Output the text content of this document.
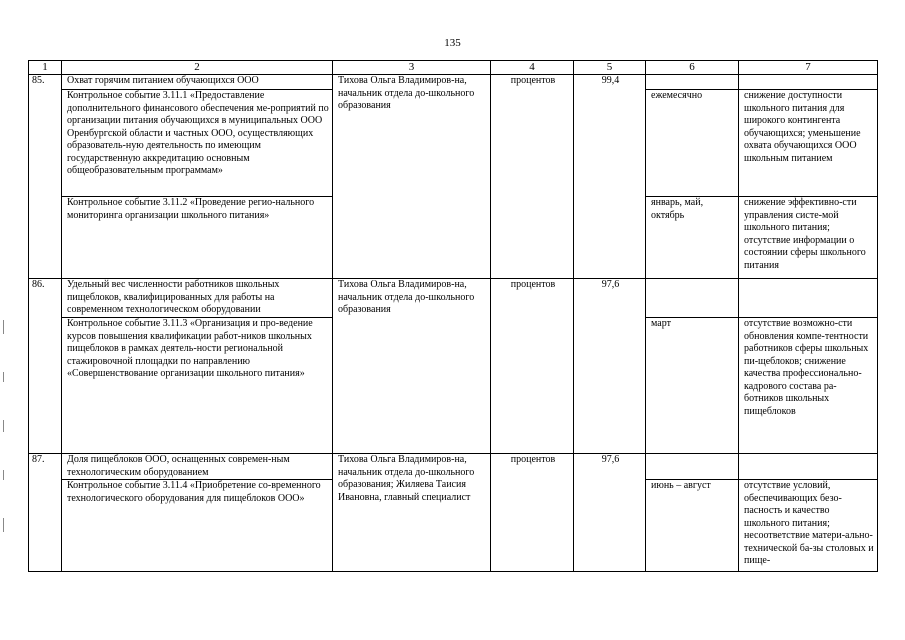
135
1	2	3	4	5	6	7
85.	Охват горячим питанием обучающихся ООО	Тихова Ольга Владимиров-на, начальник отдела до-школьного образования	процентов	99,4		
	Контрольное событие 3.11.1 «Предоставление дополнительного финансового обеспечения ме-роприятий по организации питания обучающихся в муниципальных ООО Оренбургской области и частных ООО, осуществляющих образователь-ную деятельность по имеющим государственную аккредитацию основным общеобразовательным программам»				ежемесячно	снижение доступности школьного питания для широкого контингента обучающихся; уменьшение охвата обучающихся ООО школьным питанием
	Контрольное событие 3.11.2 «Проведение регио-нального мониторинга организации школьного питания»				январь, май, октябрь	снижение эффективно-сти управления систе-мой школьного питания; отсутствие информации о состоянии сферы школьного питания
86.	Удельный вес численности работников школьных пищеблоков, квалифицированных для работы на современном технологическом оборудовании	Тихова Ольга Владимиров-на, начальник отдела до-школьного образования	процентов	97,6		
	Контрольное событие 3.11.3 «Организация и про-ведение курсов повышения квалификации работ-ников школьных пищеблоков в рамках деятель-ности региональной стажировочной площадки по направлению «Совершенствование организации школьного питания»				март	отсутствие возможно-сти обновления компе-тентности работников сферы школьных пи-щеблоков; снижение качества профессионально-кадрового состава ра-ботников школьных пищеблоков
87.	Доля пищеблоков ООО, оснащенных современ-ным технологическим оборудованием	Тихова Ольга Владимиров-на, начальник отдела до-школьного образования; Жиляева Таисия Ивановна, главный специалист	процентов	97,6		
	Контрольное событие 3.11.4 «Приобретение со-временного технологического оборудования для пищеблоков ООО»				июнь – август	отсутствие условий, обеспечивающих безо-пасность и качество школьного питания; несоответствие матери-ально-технической ба-зы столовых и пище-
